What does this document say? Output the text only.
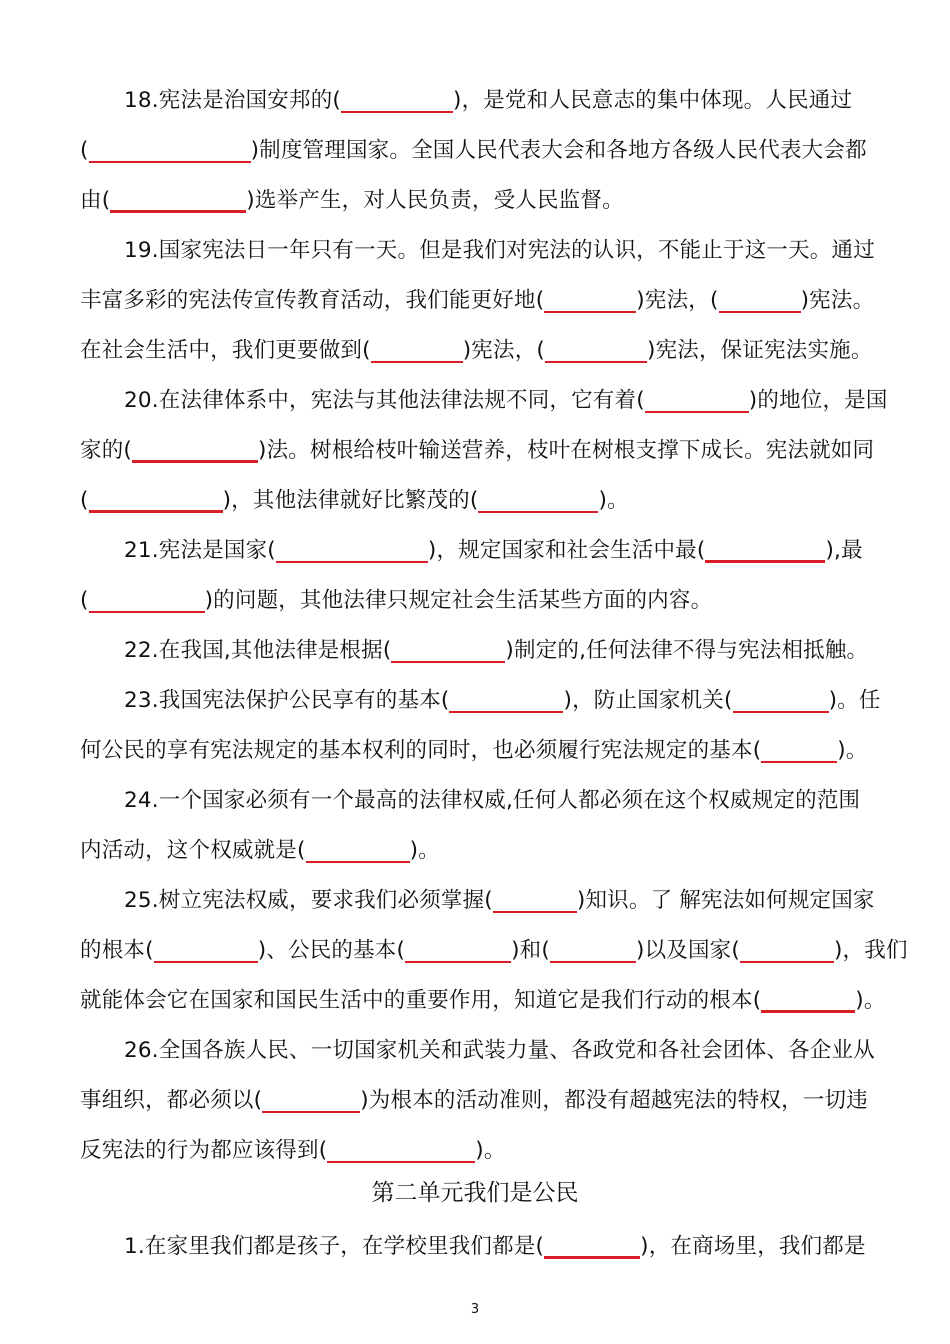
18.宪法是治国安邦的(	)，是党和人民意志的集中体现。人民通过
(	)制度管理国家。全国人民代表大会和各地方各级人民代表大会都
由(	)选举产生，对人民负责，受人民监督。
19.国家宪法日一年只有一天。但是我们对宪法的认识，不能止于这一天。通过
丰富多彩的宪法传宣传教育活动，我们能更好地(	)宪法，(	)宪法。
在社会生活中，我们更要做到(	)宪法，(	)宪法，保证宪法实施。
20.在法律体系中，宪法与其他法律法规不同，它有着(	)的地位，是国
家的(	)法。树根给枝叶输送营养，枝叶在树根支撑下成长。宪法就如同
(	)，其他法律就好比繁茂的(	)。
21.宪法是国家(	)，规定国家和社会生活中最(	),最
(	)的问题，其他法律只规定社会生活某些方面的内容。
22.在我国,其他法律是根据(	)制定的,任何法律不得与宪法相抵触。
23.我国宪法保护公民享有的基本(	)，防止国家机关(	)。任
何公民的享有宪法规定的基本权利的同时，也必须履行宪法规定的基本(	)。
24.一个国家必须有一个最高的法律权威,任何人都必须在这个权威规定的范围
内活动，这个权威就是(	)。
25.树立宪法权威，要求我们必须掌握(	)知识。了 解宪法如何规定国家
的根本(	)、公民的基本(	)和(	)以及国家(	)，我们
就能体会它在国家和国民生活中的重要作用，知道它是我们行动的根本(	)。
26.全国各族人民、一切国家机关和武装力量、各政党和各社会团体、各企业从
事组织，都必须以(	)为根本的活动准则，都没有超越宪法的特权，一切违
反宪法的行为都应该得到(	)。
第二单元我们是公民
1.在家里我们都是孩子，在学校里我们都是(	)，在商场里，我们都是
3
